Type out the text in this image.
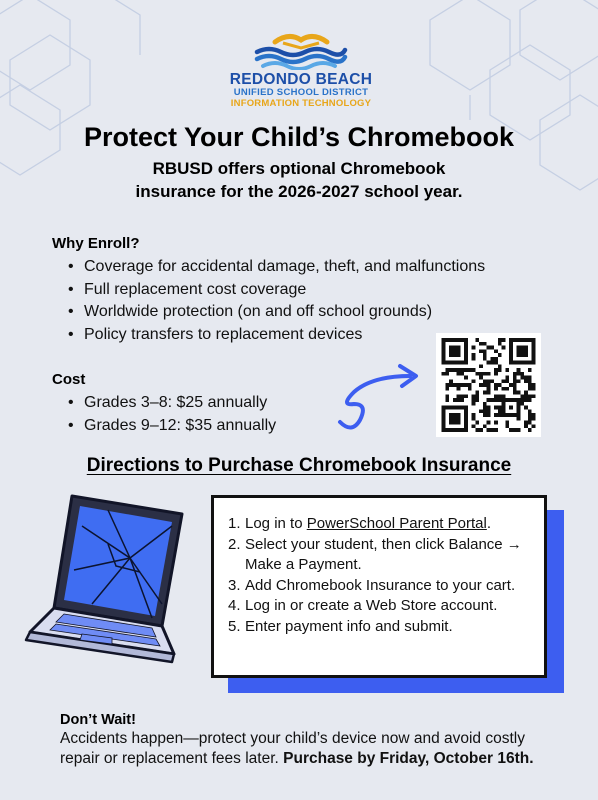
REDONDO BEACH
UNIFIED SCHOOL DISTRICT
INFORMATION TECHNOLOGY
Protect Your Child’s Chromebook
RBUSD offers optional Chromebook
insurance for the 2026-2027 school year.
Why Enroll?
• Coverage for accidental damage, theft, and malfunctions
• Full replacement cost coverage
• Worldwide protection (on and off school grounds)
• Policy transfers to replacement devices
Cost
• Grades 3–8: $25 annually
• Grades 9–12: $35 annually
Directions to Purchase Chromebook Insurance
1. Log in to PowerSchool Parent Portal.
2. Select your student, then click Balance → Make a Payment.
3. Add Chromebook Insurance to your cart.
4. Log in or create a Web Store account.
5. Enter payment info and submit.
Don’t Wait!
Accidents happen—protect your child’s device now and avoid costly repair or replacement fees later. Purchase by Friday, October 16th.
